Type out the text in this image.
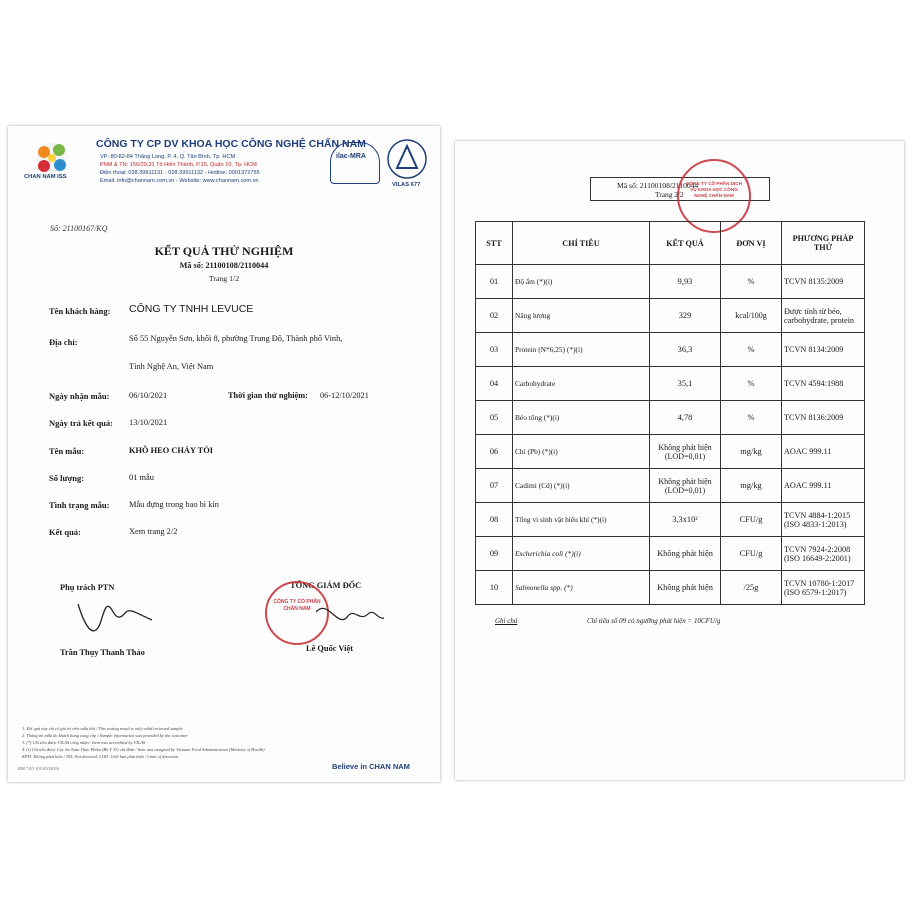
CHAN NAM ISS
CÔNG TY CP DV KHOA HỌC CÔNG NGHỆ CHẤN NAM
VP: 80-82-84 Thăng Long, P. 4, Q. Tân Bình, Tp. HCM
PNM & TN: 156/29,31 Tô Hiến Thành, P.15, Quận 10, Tp. HCM
Điện thoại: 028.39911131 - 028.39911132 - Hotline: 0901372755
Email: info@channam.com.vn - Website: www.channam.com.vn
ilac-MRA
VILAS 677
Số: 21100167/KQ
KẾT QUẢ THỬ NGHIỆM
Mã số: 21100108/2110044
Trang 1/2
Tên khách hàng: CÔNG TY TNHH LEVUCE
Địa chỉ:	Số 55 Nguyễn Sơn, khối 8, phường Trung Đô, Thành phố Vinh,
Tỉnh Nghệ An, Việt Nam
Ngày nhận mẫu: 06/10/2021	Thời gian thử nghiệm: 06-12/10/2021
Ngày trả kết quả: 13/10/2021
Tên mẫu:	KHÔ HEO CHÁY TỎI
Số lượng:	01 mẫu
Tình trạng mẫu: Mẫu đựng trong bao bì kín
Kết quả:	Xem trang 2/2
Phụ trách PTN
Trần Thụy Thanh Thảo
TỔNG GIÁM ĐỐC
CÔNG TY CỔ PHẦN CHẤN NAM
Lê Quốc Việt
1. Kết quả này chỉ có giá trị trên mẫu thử / This testing result is only valid on tested sample
2. Thông tin mẫu do khách hàng cung cấp / Sample information was provided by the customer
3. (*) Chỉ tiêu được VILAS công nhận / Item was accredited by VILAS
4. (i) Chỉ tiêu được Cục An Toàn Thực Phẩm (Bộ Y Tế) chỉ định / Item was assigned by Vietnam Food Administration (Ministry of Health)
KPH: Không phát hiện / ND: Not detected; LOD: Giới hạn phát hiện / Limit of detection.
BM 7.8/1 (01/03/2019)	Believe in CHAN NAM
Mã số: 21100108/2110044
Trang 2/2
CÔNG TY CỔ PHẦN DỊCH VỤ KHOA HỌC CÔNG NGHỆ CHẤN NAM
STT	CHỈ TIÊU	KẾT QUẢ	ĐƠN VỊ	PHƯƠNG PHÁP THỬ
01	Độ ẩm (*)(i)	9,93	%	TCVN 8135:2009
02	Năng lượng	329	kcal/100g	Được tính từ béo, carbohydrate, protein
03	Protein (N*6,25) (*)(i)	36,3	%	TCVN 8134:2009
04	Carbohydrate	35,1	%	TCVN 4594:1988
05	Béo tổng (*)(i)	4,78	%	TCVN 8136:2009
06	Chì (Pb) (*)(i)	Không phát hiện (LOD=0,01)	mg/kg	AOAC 999.11
07	Cadimi (Cd) (*)(i)	Không phát hiện (LOD=0,01)	mg/kg	AOAC 999.11
08	Tổng vi sinh vật hiếu khí (*)(i)	3,3x10²	CFU/g	TCVN 4884-1:2015 (ISO 4833-1:2013)
09	Escherichia coli (*)(i)	Không phát hiện	CFU/g	TCVN 7924-2:2008 (ISO 16649-2:2001)
10	Salmonella spp. (*)	Không phát hiện	/25g	TCVN 10780-1:2017 (ISO 6579-1:2017)
Ghi chú	Chỉ tiêu số 09 có ngưỡng phát hiện = 10CFU/g
